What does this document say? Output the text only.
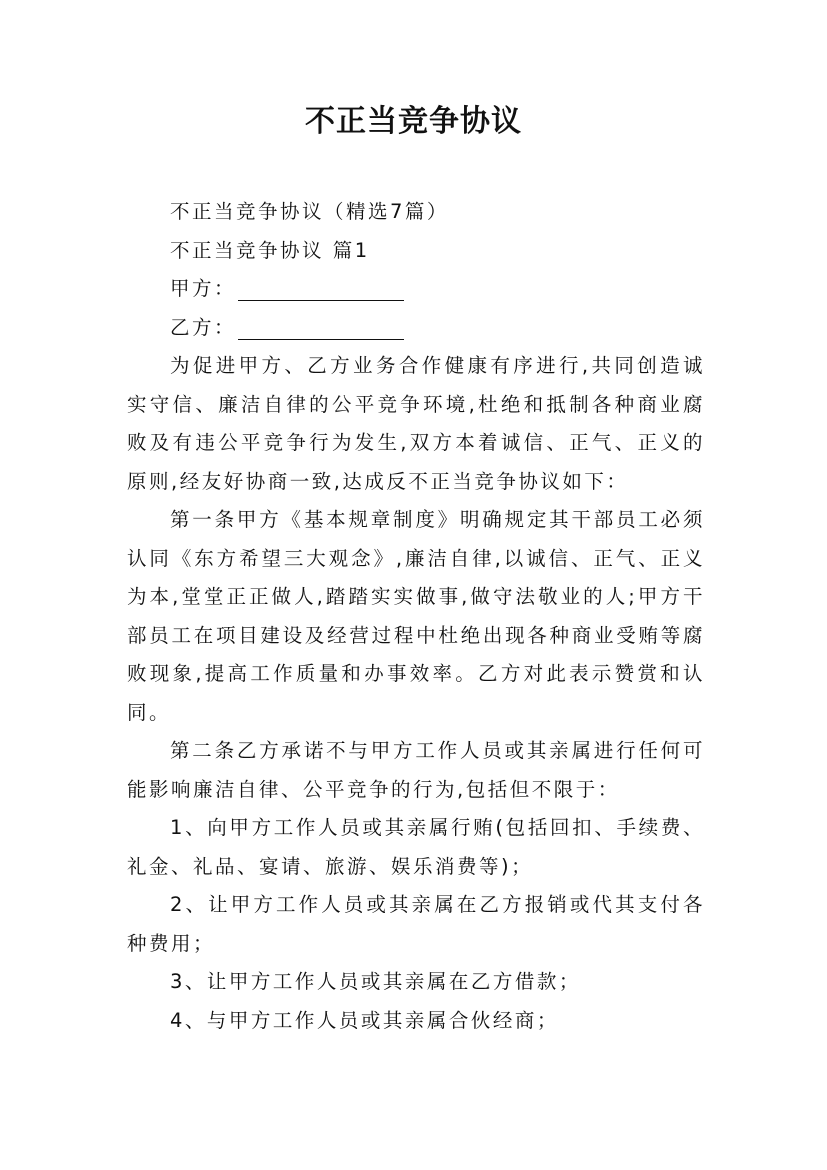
不正当竞争协议

不正当竞争协议（精选7篇）

不正当竞争协议 篇1

甲方：

乙方：

为促进甲方、乙方业务合作健康有序进行,共同创造诚实守信、廉洁自律的公平竞争环境,杜绝和抵制各种商业腐败及有违公平竞争行为发生,双方本着诚信、正气、正义的原则,经友好协商一致,达成反不正当竞争协议如下：

第一条甲方《基本规章制度》明确规定其干部员工必须认同《东方希望三大观念》,廉洁自律,以诚信、正气、正义为本,堂堂正正做人,踏踏实实做事,做守法敬业的人;甲方干部员工在项目建设及经营过程中杜绝出现各种商业受贿等腐败现象,提高工作质量和办事效率。乙方对此表示赞赏和认同。

第二条乙方承诺不与甲方工作人员或其亲属进行任何可能影响廉洁自律、公平竞争的行为,包括但不限于：

1、向甲方工作人员或其亲属行贿(包括回扣、手续费、礼金、礼品、宴请、旅游、娱乐消费等)；

2、让甲方工作人员或其亲属在乙方报销或代其支付各种费用；

3、让甲方工作人员或其亲属在乙方借款；

4、与甲方工作人员或其亲属合伙经商；
